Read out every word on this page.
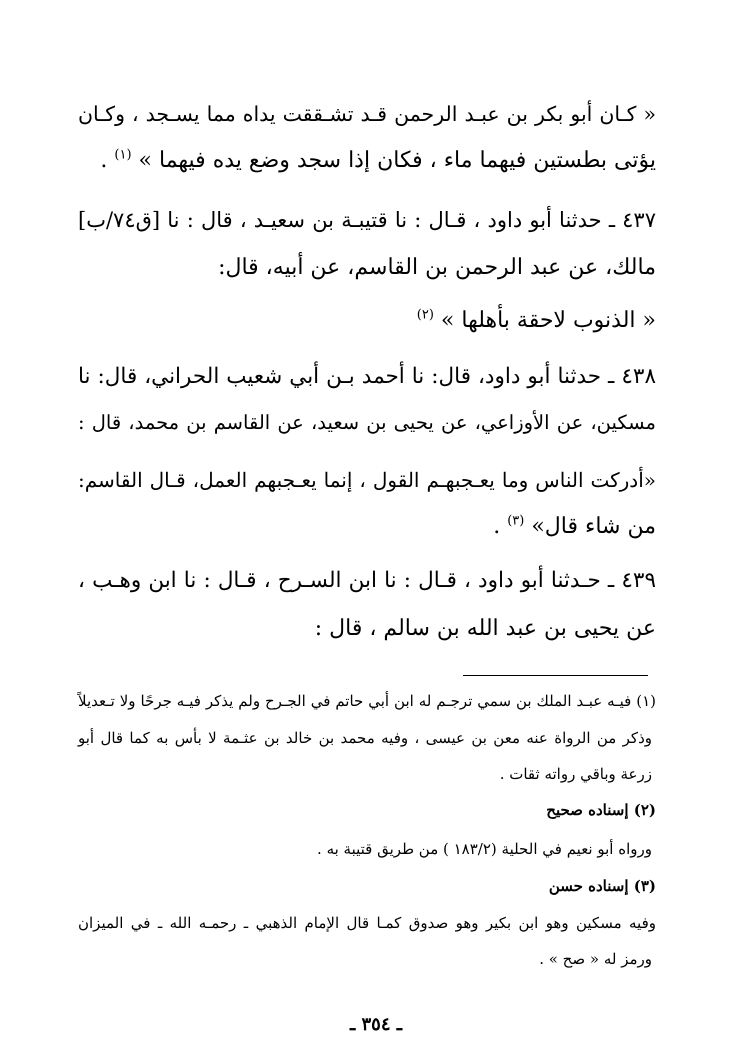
« كـان أبو بكر بن عبـد الرحمن قـد تشـققت يداه مما يسـجد ، وكـان
يؤتى بطستين فيهما ماء ، فكان إذا سجد وضع يده فيهما » $^{(١)}$ .
٤٣٧ ـ حدثنا أبو داود ، قـال : نا قتيبـة بن سعيـد ، قال : نا [ق٧٤/ب]
مالك، عن عبد الرحمن بن القاسم، عن أبيه، قال:
« الذنوب لاحقة بأهلها » $^{(٢)}$
٤٣٨ ـ حدثنا أبو داود، قال: نا أحمد بـن أبي شعيب الحراني، قال: نا
مسكين، عن الأوزاعي، عن يحيى بن سعيد، عن القاسم بن محمد، قال :
«أدركت الناس وما يعـجبهـم القول ، إنما يعـجبهم العمل، قـال القاسم:
من شاء قال» $^{(٣)}$ .
٤٣٩ ـ حـدثنا أبو داود ، قـال : نا ابن السـرح ، قـال : نا ابن وهـب ،
عن يحيى بن عبد الله بن سالم ، قال :
(١) فيـه عبـد الملك بن سمي ترجـم له ابن أبي حاتم في الجـرح ولم يذكر فيـه جرحًا ولا تـعديلاً
وذكر من الرواة عنه معن بن عيسى ، وفيه محمد بن خالد بن عثـمة لا بأس به كما قال أبو
زرعة وباقي رواته ثقات .
(٢) إسناده صحيح
ورواه أبو نعيم في الحلية (١٨٣/٢ ) من طريق قتيبة به .
(٣) إسناده حسن
وفيه مسكين وهو ابن بكير وهو صدوق كمـا قال الإمام الذهبي ـ رحمـه الله ـ في الميزان
ورمز له « صح » .
ـ ٣٥٤ ـ
